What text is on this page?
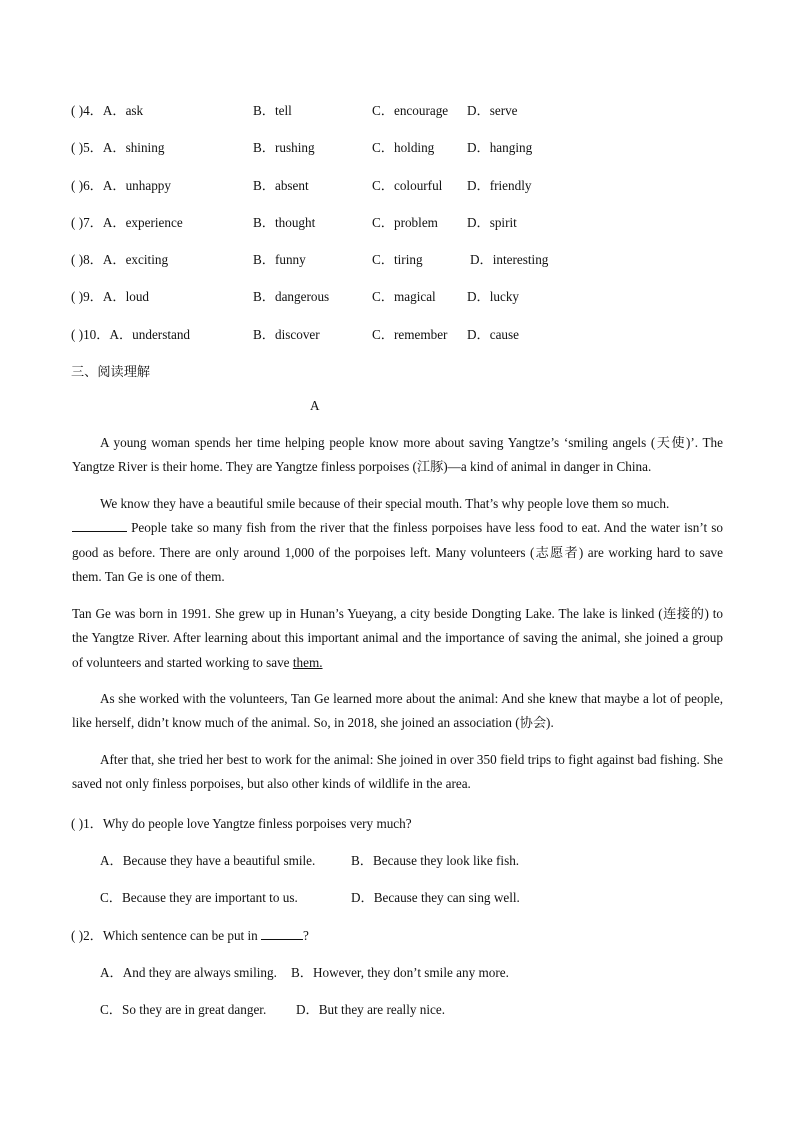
( )4．A．ask	B．tell	C．encourage D．serve
( )5．A．shining	B．rushing	C．holding D．hanging
( )6．A．unhappy	B．absent	C．colourful D．friendly
( )7．A．experience	B．thought	C．problem D．spirit
( )8．A．exciting	B．funny	C．tiring	D．interesting
( )9．A．loud	B．dangerous	C．magical D．lucky
( )10．A．understand	B．discover	C．remember D．cause
三、阅读理解
A
A young woman spends her time helping people know more about saving Yangtze’s ‘smiling angels (天使)’. The Yangtze River is their home. They are Yangtze finless porpoises (江豚)—a kind of animal in danger in China.
We know they have a beautiful smile because of their special mouth. That’s why people love them so much.
People take so many fish from the river that the finless porpoises have less food to eat. And the water isn’t so good as before. There are only around 1,000 of the porpoises left. Many volunteers (志愿者) are working hard to save them. Tan Ge is one of them.
Tan Ge was born in 1991. She grew up in Hunan’s Yueyang, a city beside Dongting Lake. The lake is linked (连接的) to the Yangtze River. After learning about this important animal and the importance of saving the animal, she joined a group of volunteers and started working to save them.
As she worked with the volunteers, Tan Ge learned more about the animal: And she knew that maybe a lot of people, like herself, didn’t know much of the animal. So, in 2018, she joined an association (协会).
After that, she tried her best to work for the animal: She joined in over 350 field trips to fight against bad fishing. She saved not only finless porpoises, but also other kinds of wildlife in the area.
( )1．Why do people love Yangtze finless porpoises very much?
A．Because they have a beautiful smile.	B．Because they look like fish.
C．Because they are important to us.	D．Because they can sing well.
( )2．Which sentence can be put in	?
A．And they are always smiling. B．However, they don’t smile any more.
C．So they are in great danger. D．But they are really nice.
